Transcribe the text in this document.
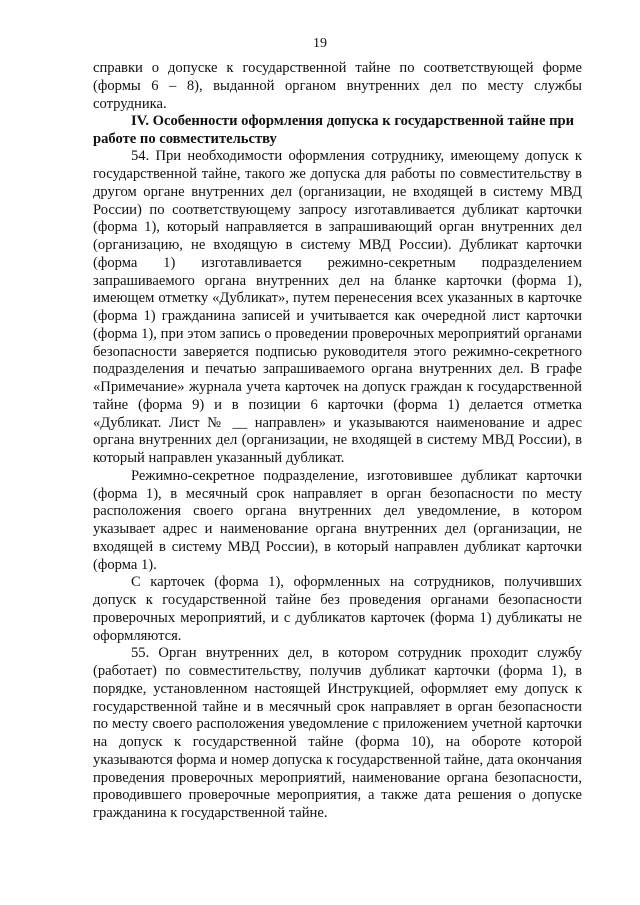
19

справки о допуске к государственной тайне по соответствующей форме (формы 6 – 8), выданной органом внутренних дел по месту службы сотрудника.

IV. Особенности оформления допуска к государственной тайне при работе по совместительству

54. При необходимости оформления сотруднику, имеющему допуск к государственной тайне, такого же допуска для работы по совместительству в другом органе внутренних дел (организации, не входящей в систему МВД России) по соответствующему запросу изготавливается дубликат карточки (форма 1), который направляется в запрашивающий орган внутренних дел (организацию, не входящую в систему МВД России). Дубликат карточки (форма 1) изготавливается режимно-секретным подразделением запрашиваемого органа внутренних дел на бланке карточки (форма 1), имеющем отметку «Дубликат», путем перенесения всех указанных в карточке (форма 1) гражданина записей и учитывается как очередной лист карточки (форма 1), при этом запись о проведении проверочных мероприятий органами безопасности заверяется подписью руководителя этого режимно-секретного подразделения и печатью запрашиваемого органа внутренних дел. В графе «Примечание» журнала учета карточек на допуск граждан к государственной тайне (форма 9) и в позиции 6 карточки (форма 1) делается отметка «Дубликат. Лист № __ направлен» и указываются наименование и адрес органа внутренних дел (организации, не входящей в систему МВД России), в который направлен указанный дубликат.

Режимно-секретное подразделение, изготовившее дубликат карточки (форма 1), в месячный срок направляет в орган безопасности по месту расположения своего органа внутренних дел уведомление, в котором указывает адрес и наименование органа внутренних дел (организации, не входящей в систему МВД России), в который направлен дубликат карточки (форма 1).

С карточек (форма 1), оформленных на сотрудников, получивших допуск к государственной тайне без проведения органами безопасности проверочных мероприятий, и с дубликатов карточек (форма 1) дубликаты не оформляются.

55. Орган внутренних дел, в котором сотрудник проходит службу (работает) по совместительству, получив дубликат карточки (форма 1), в порядке, установленном настоящей Инструкцией, оформляет ему допуск к государственной тайне и в месячный срок направляет в орган безопасности по месту своего расположения уведомление с приложением учетной карточки на допуск к государственной тайне (форма 10), на обороте которой указываются форма и номер допуска к государственной тайне, дата окончания проведения проверочных мероприятий, наименование органа безопасности, проводившего проверочные мероприятия, а также дата решения о допуске гражданина к государственной тайне.
